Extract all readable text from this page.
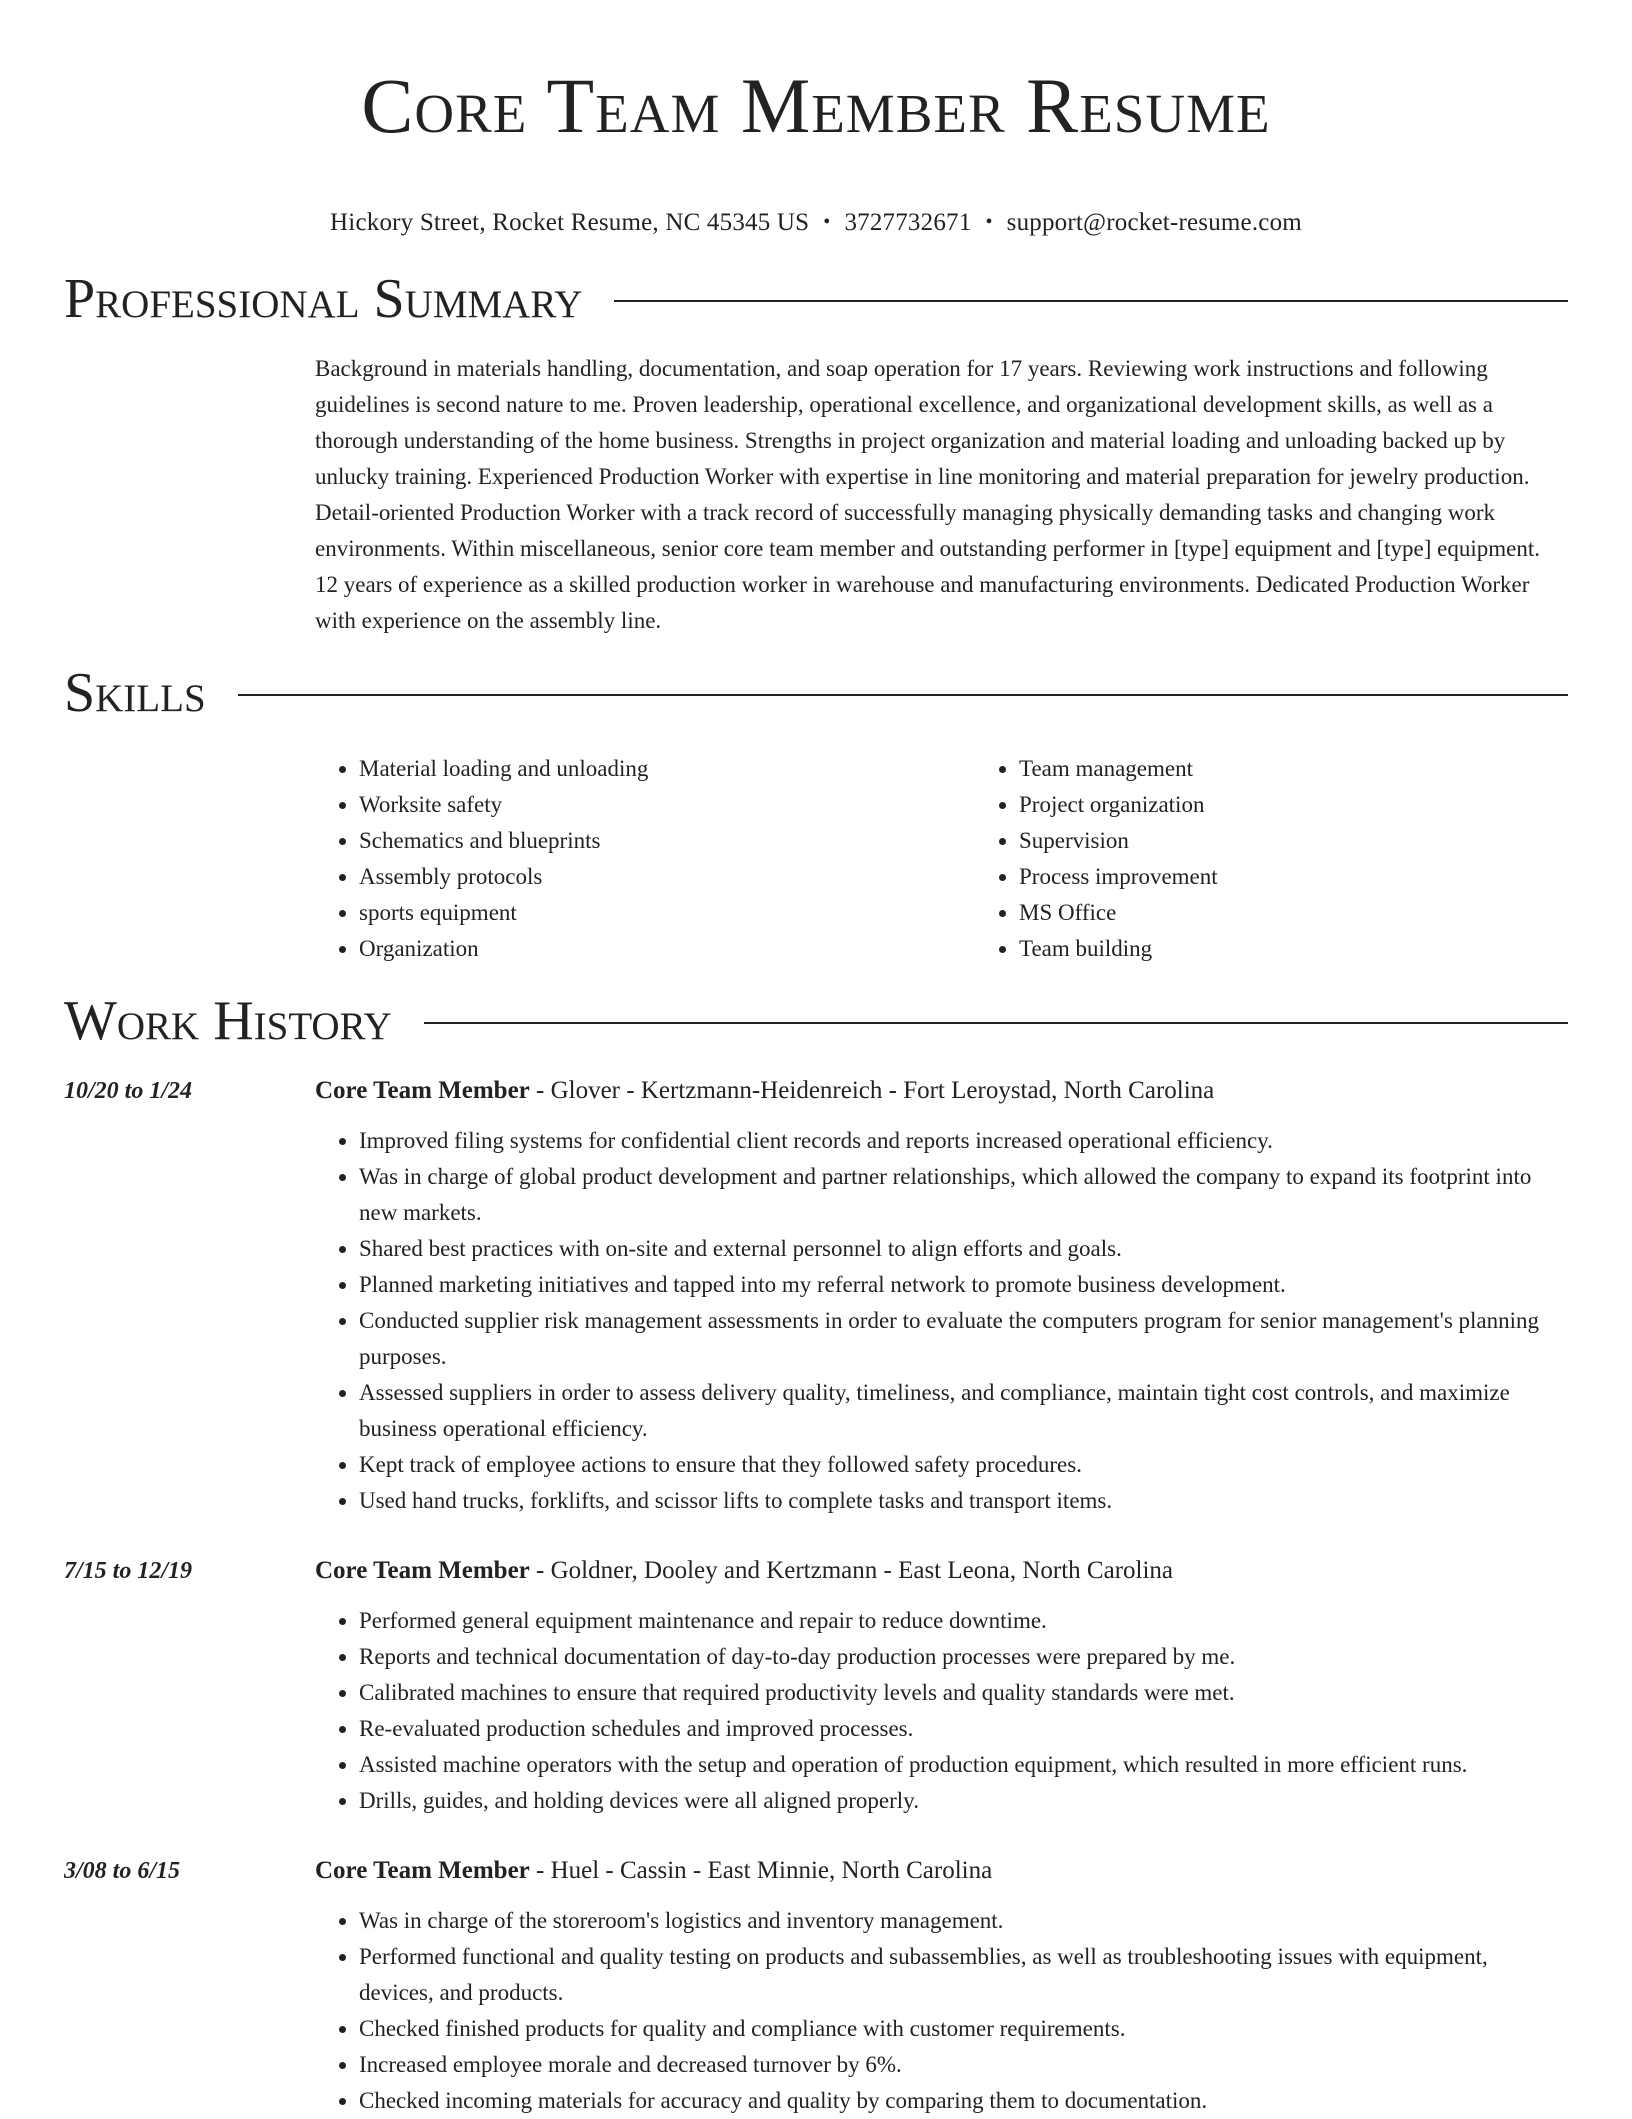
Core Team Member Resume
Hickory Street, Rocket Resume, NC 45345 US • 3727732671 • support@rocket-resume.com
Professional Summary

Background in materials handling, documentation, and soap operation for 17 years. Reviewing work instructions and following guidelines is second nature to me. Proven leadership, operational excellence, and organizational development skills, as well as a thorough understanding of the home business. Strengths in project organization and material loading and unloading backed up by unlucky training. Experienced Production Worker with expertise in line monitoring and material preparation for jewelry production. Detail-oriented Production Worker with a track record of successfully managing physically demanding tasks and changing work environments. Within miscellaneous, senior core team member and outstanding performer in [type] equipment and [type] equipment. 12 years of experience as a skilled production worker in warehouse and manufacturing environments. Dedicated Production Worker with experience on the assembly line.

Skills
• Material loading and unloading
• Worksite safety
• Schematics and blueprints
• Assembly protocols
• sports equipment
• Organization
• Team management
• Project organization
• Supervision
• Process improvement
• MS Office
• Team building
Work History
10/20 to 1/24	Core Team Member - Glover - Kertzmann-Heidenreich - Fort Leroystad, North Carolina
• Improved filing systems for confidential client records and reports increased operational efficiency.
• Was in charge of global product development and partner relationships, which allowed the company to expand its footprint into new markets.
• Shared best practices with on-site and external personnel to align efforts and goals.
• Planned marketing initiatives and tapped into my referral network to promote business development.
• Conducted supplier risk management assessments in order to evaluate the computers program for senior management's planning purposes.
• Assessed suppliers in order to assess delivery quality, timeliness, and compliance, maintain tight cost controls, and maximize business operational efficiency.
• Kept track of employee actions to ensure that they followed safety procedures.
• Used hand trucks, forklifts, and scissor lifts to complete tasks and transport items.
7/15 to 12/19	Core Team Member - Goldner, Dooley and Kertzmann - East Leona, North Carolina
• Performed general equipment maintenance and repair to reduce downtime.
• Reports and technical documentation of day-to-day production processes were prepared by me.
• Calibrated machines to ensure that required productivity levels and quality standards were met.
• Re-evaluated production schedules and improved processes.
• Assisted machine operators with the setup and operation of production equipment, which resulted in more efficient runs.
• Drills, guides, and holding devices were all aligned properly.
3/08 to 6/15	Core Team Member - Huel - Cassin - East Minnie, North Carolina
• Was in charge of the storeroom's logistics and inventory management.
• Performed functional and quality testing on products and subassemblies, as well as troubleshooting issues with equipment, devices, and products.
• Checked finished products for quality and compliance with customer requirements.
• Increased employee morale and decreased turnover by 6%.
• Checked incoming materials for accuracy and quality by comparing them to documentation.
